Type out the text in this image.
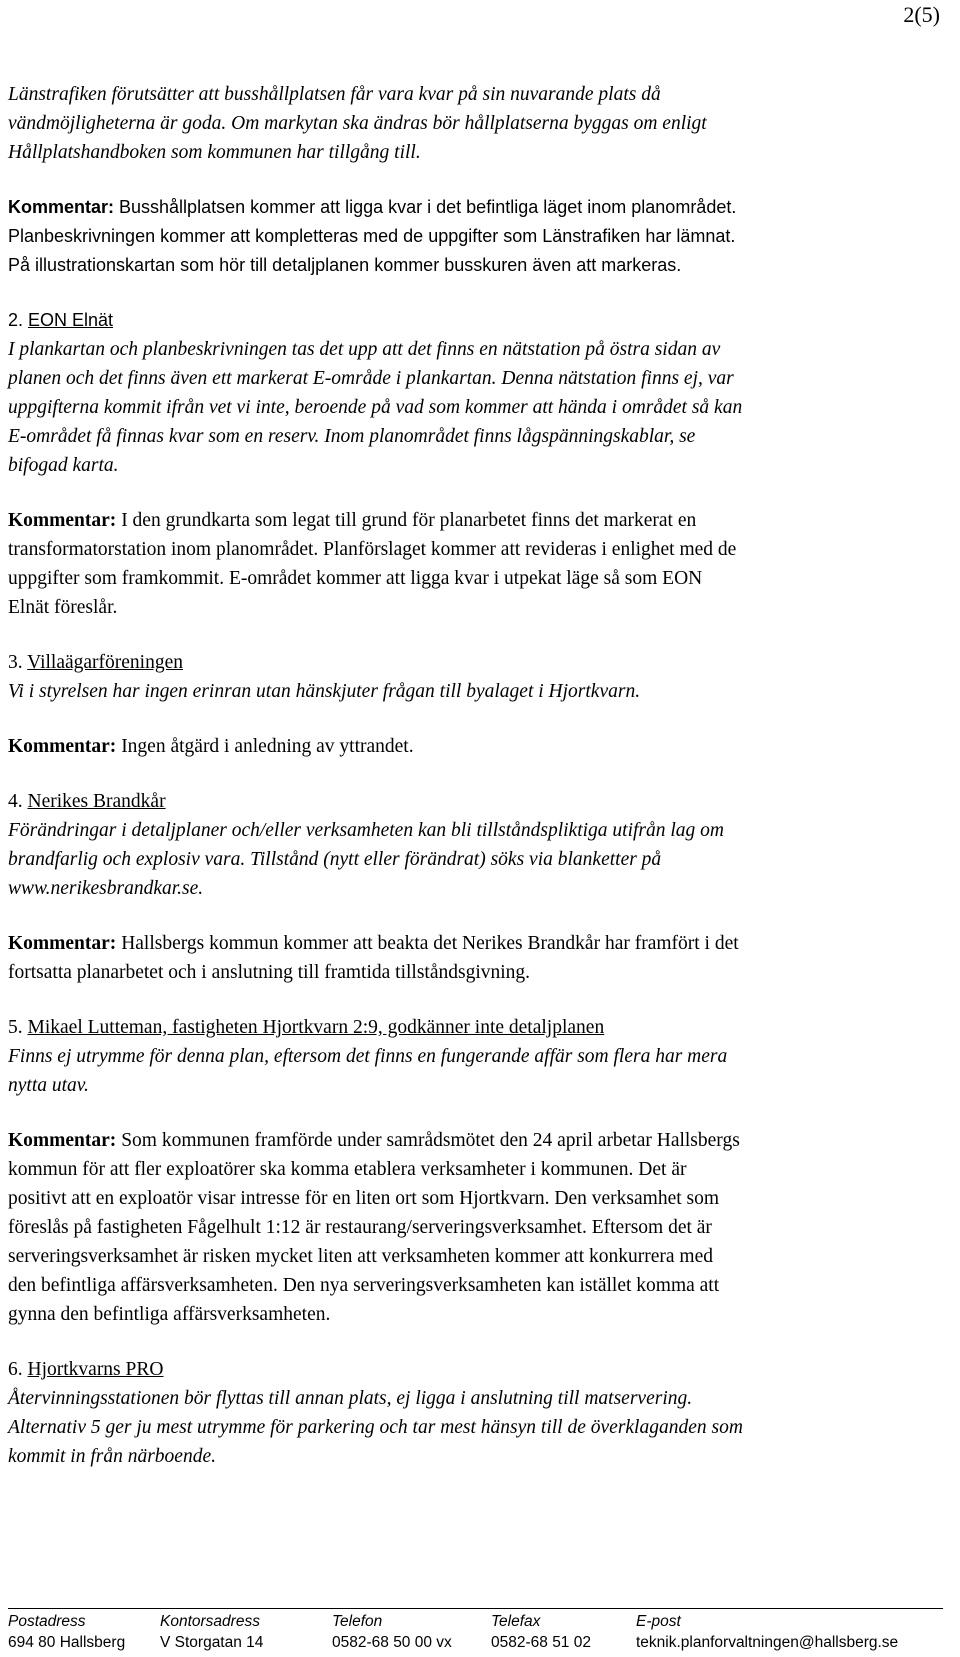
2(5)

Länstrafiken förutsätter att busshållplatsen får vara kvar på sin nuvarande plats då

vändmöjligheterna är goda. Om markytan ska ändras bör hållplatserna byggas om enligt

Hållplatshandboken som kommunen har tillgång till.

Kommentar: Busshållplatsen kommer att ligga kvar i det befintliga läget inom planområdet.

Planbeskrivningen kommer att kompletteras med de uppgifter som Länstrafiken har lämnat.

På illustrationskartan som hör till detaljplanen kommer busskuren även att markeras.

2. EON Elnät

I plankartan och planbeskrivningen tas det upp att det finns en nätstation på östra sidan av

planen och det finns även ett markerat E-område i plankartan. Denna nätstation finns ej, var

uppgifterna kommit ifrån vet vi inte, beroende på vad som kommer att hända i området så kan

E-området få finnas kvar som en reserv. Inom planområdet finns lågspänningskablar, se

bifogad karta.

Kommentar: I den grundkarta som legat till grund för planarbetet finns det markerat en

transformatorstation inom planområdet. Planförslaget kommer att revideras i enlighet med de

uppgifter som framkommit. E-området kommer att ligga kvar i utpekat läge så som EON

Elnät föreslår.

3. Villaägarföreningen

Vi i styrelsen har ingen erinran utan hänskjuter frågan till byalaget i Hjortkvarn.

Kommentar: Ingen åtgärd i anledning av yttrandet.

4. Nerikes Brandkår

Förändringar i detaljplaner och/eller verksamheten kan bli tillståndspliktiga utifrån lag om

brandfarlig och explosiv vara. Tillstånd (nytt eller förändrat) söks via blanketter på

www.nerikesbrandkar.se.

Kommentar: Hallsbergs kommun kommer att beakta det Nerikes Brandkår har framfört i det

fortsatta planarbetet och i anslutning till framtida tillståndsgivning.

5. Mikael Lutteman, fastigheten Hjortkvarn 2:9, godkänner inte detaljplanen

Finns ej utrymme för denna plan, eftersom det finns en fungerande affär som flera har mera

nytta utav.

Kommentar: Som kommunen framförde under samrådsmötet den 24 april arbetar Hallsbergs

kommun för att fler exploatörer ska komma etablera verksamheter i kommunen. Det är

positivt att en exploatör visar intresse för en liten ort som Hjortkvarn. Den verksamhet som

föreslås på fastigheten Fågelhult 1:12 är restaurang/serveringsverksamhet. Eftersom det är

serveringsverksamhet är risken mycket liten att verksamheten kommer att konkurrera med

den befintliga affärsverksamheten. Den nya serveringsverksamheten kan istället komma att

gynna den befintliga affärsverksamheten.

6. Hjortkvarns PRO

Återvinningsstationen bör flyttas till annan plats, ej ligga i anslutning till matservering.

Alternativ 5 ger ju mest utrymme för parkering och tar mest hänsyn till de överklaganden som

kommit in från närboende.

Postadress
694 80 Hallsberg
Kontorsadress
V Storgatan 14
Telefon
0582-68 50 00 vx
Telefax
0582-68 51 02
E-post
teknik.planforvaltningen@hallsberg.se
